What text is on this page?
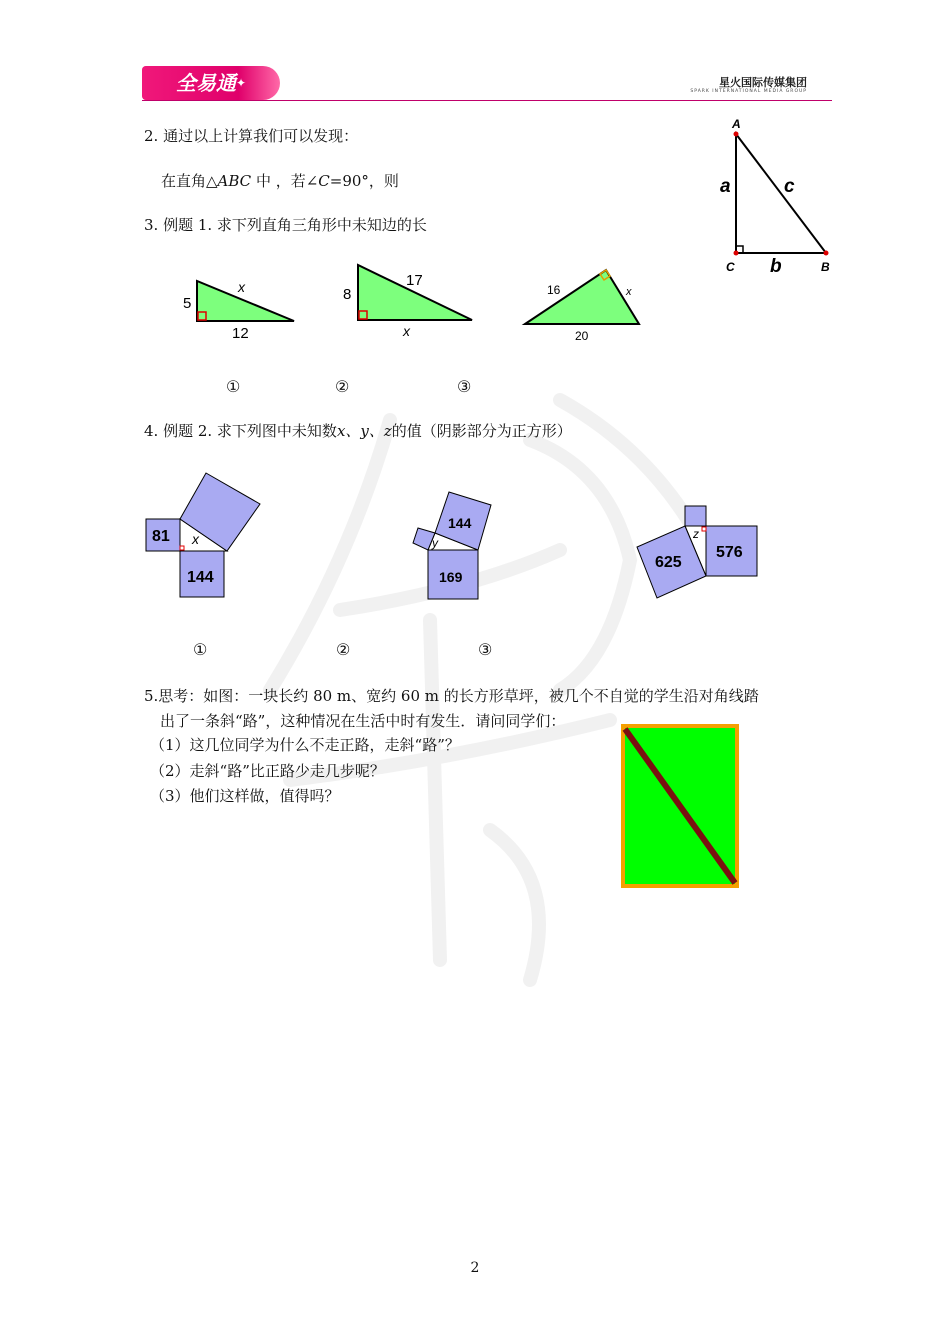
全易通✦	星火国际传媒集团
SPARK INTERNATIONAL MEDIA GROUP
2. 通过以上计算我们可以发现：
在直角△ABC 中 ，若∠C=90°，则
A
C	B
a	c
b
3. 例题 1. 求下列直角三角形中未知边的长
5
12
x	8
17
x
16	x
20
①	②	③
4. 例题 2. 求下列图中未知数x、y、z的值（阴影部分为正方形）
81
144
x
144
169
y
625
576
z
①	②	③
5.思考：如图：一块长约 80 m、宽约 60 m 的长方形草坪，被几个不自觉的学生沿对角线踏
出了一条斜“路”，这种情况在生活中时有发生．请问同学们：
（1）这几位同学为什么不走正路，走斜“路”？
（2）走斜“路”比正路少走几步呢？
（3）他们这样做，值得吗？
2
